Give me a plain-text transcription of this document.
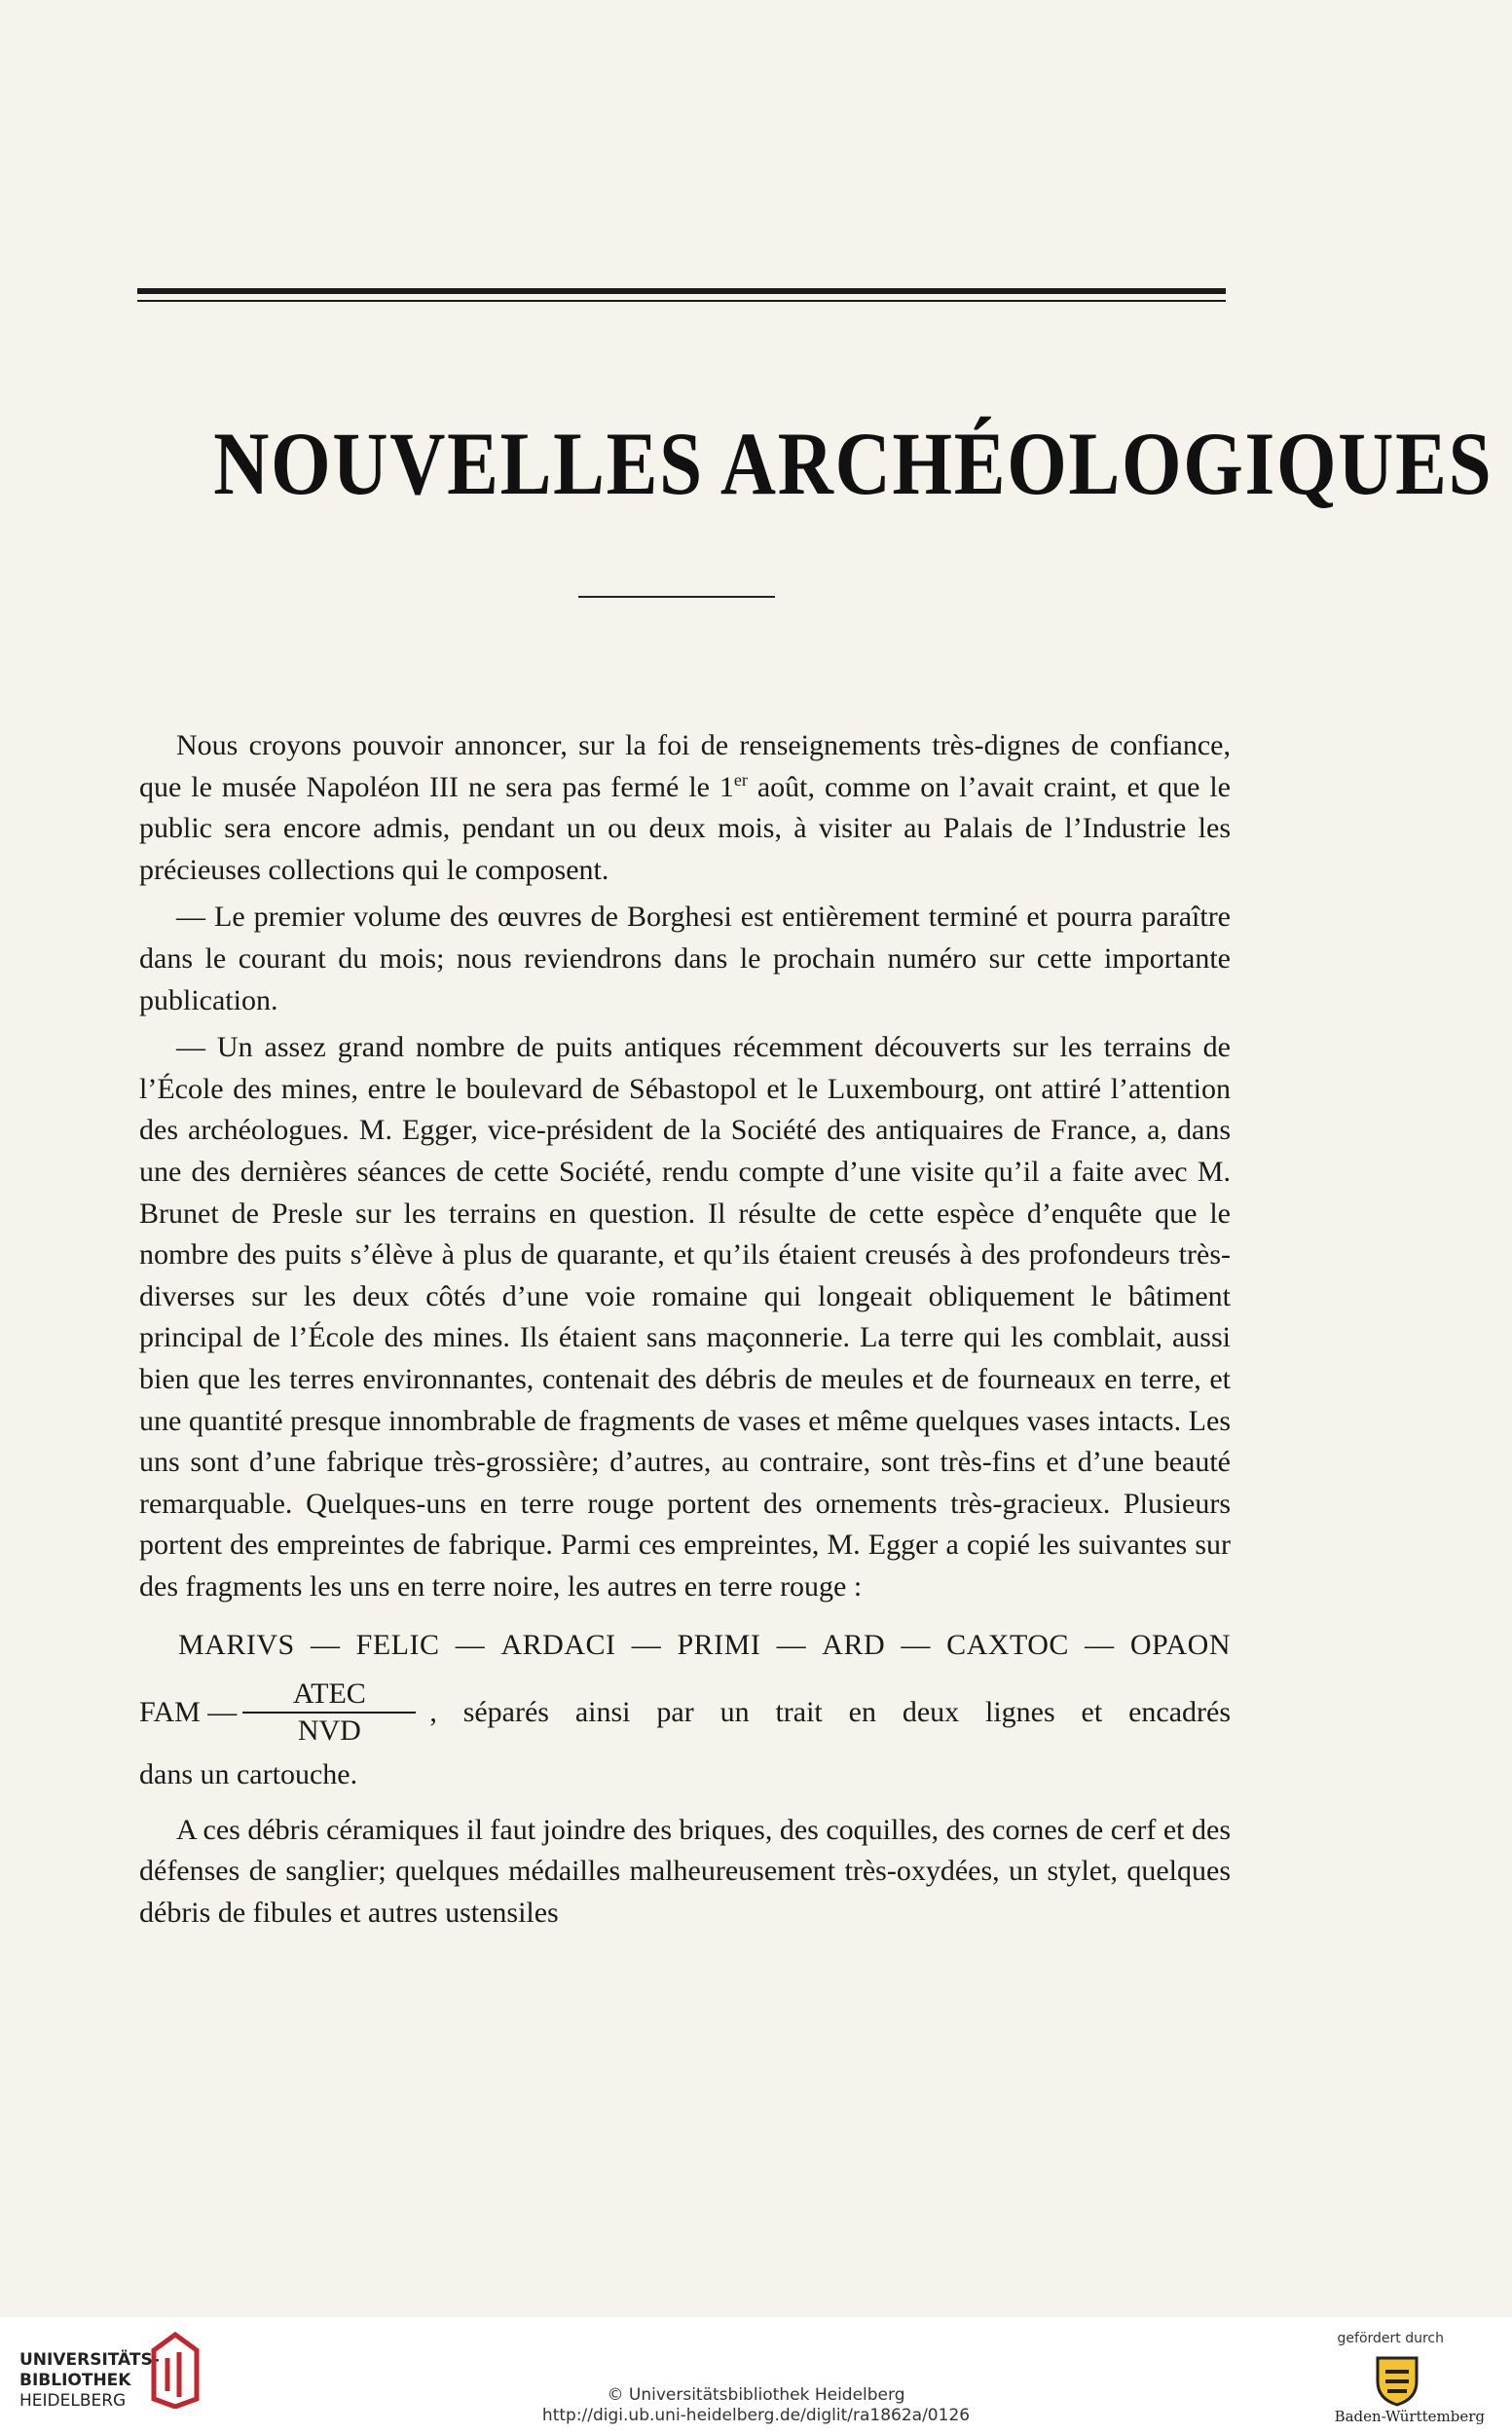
NOUVELLES ARCHÉOLOGIQUES

Nous croyons pouvoir annoncer, sur la foi de renseignements très-dignes de confiance, que le musée Napoléon III ne sera pas fermé le 1er août, comme on l’avait craint, et que le public sera encore admis, pendant un ou deux mois, à visiter au Palais de l’Industrie les précieuses collections qui le composent.

— Le premier volume des œuvres de Borghesi est entièrement terminé et pourra paraître dans le courant du mois; nous reviendrons dans le prochain numéro sur cette importante publication.

— Un assez grand nombre de puits antiques récemment découverts sur les terrains de l’École des mines, entre le boulevard de Sébastopol et le Luxembourg, ont attiré l’attention des archéologues. M. Egger, vice-président de la Société des antiquaires de France, a, dans une des dernières séances de cette Société, rendu compte d’une visite qu’il a faite avec M. Brunet de Presle sur les terrains en question. Il résulte de cette espèce d’enquête que le nombre des puits s’élève à plus de quarante, et qu’ils étaient creusés à des profondeurs très-diverses sur les deux côtés d’une voie romaine qui longeait obliquement le bâtiment principal de l’École des mines. Ils étaient sans maçonnerie. La terre qui les comblait, aussi bien que les terres environnantes, contenait des débris de meules et de fourneaux en terre, et une quantité presque innombrable de fragments de vases et même quelques vases intacts. Les uns sont d’une fabrique très-grossière; d’autres, au contraire, sont très-fins et d’une beauté remarquable. Quelques-uns en terre rouge portent des ornements très-gracieux. Plusieurs portent des empreintes de fabrique. Parmi ces empreintes, M. Egger a copié les suivantes sur des fragments les uns en terre noire, les autres en terre rouge :

MARIVS — FELIC — ARDACI — PRIMI — ARD — CAXTOC — OPAON
FAM — $\frac{\text{ATEC}}{\text{NVD}}$ , séparés ainsi par un trait en deux lignes et encadrés

dans un cartouche.

A ces débris céramiques il faut joindre des briques, des coquilles, des cornes de cerf et des défenses de sanglier; quelques médailles malheureusement très-oxydées, un stylet, quelques débris de fibules et autres ustensiles

UNIVERSITÄTS-
BIBLIOTHEK
HEIDELBERG	© Universitätsbibliothek Heidelberg
http://digi.ub.uni-heidelberg.de/diglit/ra1862a/0126
gefördert durch
Baden-Württemberg
